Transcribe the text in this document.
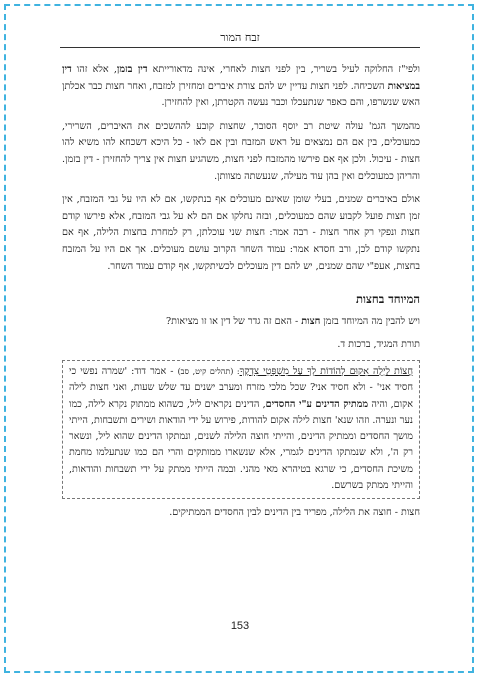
זבח המור

ולפי"ז החלוקה לעיל בשריר, בין לפני חצות לאחרי, אינה מדאורייתא דין בזמן, אלא זהו דין במציאות השכיחה. לפני חצות עדיין יש להם צורת איברים ומחזירן למזבח, ואחר חצות כבר אכלתן האש שנשרפו, והם כאפר שנתעכלו וכבר נעשה הקטרתן, ואין להחזירן.

מהמשך הגמ' עולה שיטת רב יוסף הסובר, שחצות קובע לההשכים את האיברים, השרירי, כמעוכלים, בין אם הם נמצאים על ראש המזבח ובין אם לאו - כל היכא דשכחא להו משיא להו חצות - עיכול. ולכן אף אם פירשו מהמזבח לפני חצות, משהגיע חצות אין צריך להחזירן - דין בזמן. והריהן כמעוכלים ואין בהן עוד מעילה, שנעשתה מצוותן.

אולם באיברים שמנים, בעלי שומן שאינם מעוכלים אף בנתקשו, אם לא היו על גבי המזבח, אין זמן חצות פועל לקבוע שהם כמעוכלים, ובזה נחלקו אם הם לא על גבי המזבח, אלא פירשו קודם חצות ונפקי רק אחר חצות - רבה אמר: חצות שני עוכלתן, רק למחרת בחצות הלילה, אף אם נתקשו קודם לכן, ורב חסדא אמר: עמוד השחר הקרוב עושם מעוכלים. אך אם היו על המזבח בחצות, אעפ"י שהם שמנים, יש להם דין מעוכלים לכשיתקשו, אף קודם עמוד השחר.

המיוחד בחצות

ויש להבין מה המיוחד בזמן חצות - האם זה גדר של דין או זו מציאות?

תורת המגיד, ברכות ד.

חֲצוֹת לַיְלָה אָקוּם לְהוֹדוֹת לְךָ עַל מִשְׁפְּטֵי צִדְקֶךָ: (תהלים קיט, סב) - אמר דוד: 'שמרה נפשי כי חסיד אני' - ולא חסיד אני? שכל מלכי מזרח ומערב ישנים עד שלש שעות, ואני חצות לילה אקום, והיה ממתיק הדינים ע"י החסדים, הדינים נקראים ליל, כשהוא ממתוק נקרא לילה, כמו נער ונערה. וזהו שנא' חצות לילה אקום להודות, פירוש על ידי הודאות ושירים ותשבחות, הייתי מושך החסדים וממתיק הדינים, והייתי חוצה הלילה לשנים, ונמתקו הדינים שהוא ליל, ונשאר רק ה', ולא שנמתקו הדינים לגמרי, אלא שנשארו ממותקים והרי הם כמו שנתעלמו מחמת משיכת החסדים, כי שרגא בטיהרא מאי מהני. ובמה הייתי ממתק על ידי תשבחות והודאות, והייתי ממתק בשרשם.

חצות - חוצה את הלילה, מפריד בין הדינים לבין החסדים הממתיקים.

153
